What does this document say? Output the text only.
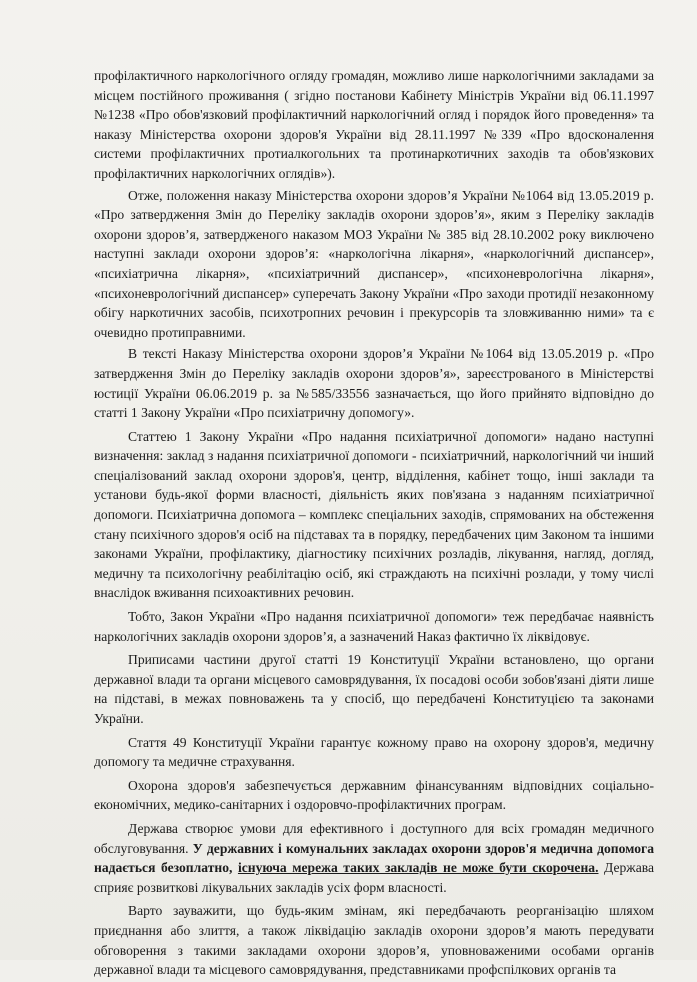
профілактичного наркологічного огляду громадян, можливо лише наркологічними закладами за місцем постійного проживання ( згідно постанови Кабінету Міністрів України від 06.11.1997 №1238 «Про обов'язковий профілактичний наркологічний огляд і порядок його проведення» та наказу Міністерства охорони здоров'я України від 28.11.1997 №339 «Про вдосконалення системи профілактичних протиалкогольних та протинаркотичних заходів та обов'язкових профілактичних наркологічних оглядів»).

Отже, положення наказу Міністерства охорони здоров’я України №1064 від 13.05.2019 р. «Про затвердження Змін до Переліку закладів охорони здоров’я», яким з Переліку закладів охорони здоров’я, затвердженого наказом МОЗ України № 385 від 28.10.2002 року виключено наступні заклади охорони здоров’я: «наркологічна лікарня», «наркологічний диспансер», «психіатрична лікарня», «психіатричний диспансер», «психоневрологічна лікарня», «психоневрологічний диспансер» суперечать Закону України «Про заходи протидії незаконному обігу наркотичних засобів, психотропних речовин і прекурсорів та зловживанню ними» та є очевидно протиправними.

В тексті Наказу Міністерства охорони здоров’я України №1064 від 13.05.2019 р. «Про затвердження Змін до Переліку закладів охорони здоров’я», зареєстрованого в Міністерстві юстиції України 06.06.2019 р. за №585/33556 зазначається, що його прийнято відповідно до статті 1 Закону України «Про психіатричну допомогу».

Статтею 1 Закону України «Про надання психіатричної допомоги» надано наступні визначення: заклад з надання психіатричної допомоги - психіатричний, наркологічний чи інший спеціалізований заклад охорони здоров'я, центр, відділення, кабінет тощо, інші заклади та установи будь-якої форми власності, діяльність яких пов'язана з наданням психіатричної допомоги. Психіатрична допомога – комплекс спеціальних заходів, спрямованих на обстеження стану психічного здоров'я осіб на підставах та в порядку, передбачених цим Законом та іншими законами України, профілактику, діагностику психічних розладів, лікування, нагляд, догляд, медичну та психологічну реабілітацію осіб, які страждають на психічні розлади, у тому числі внаслідок вживання психоактивних речовин.

Тобто, Закон України «Про надання психіатричної допомоги» теж передбачає наявність наркологічних закладів охорони здоров’я, а зазначений Наказ фактично їх ліквідовує.

Приписами частини другої статті 19 Конституції України встановлено, що органи державної влади та органи місцевого самоврядування, їх посадові особи зобов'язані діяти лише на підставі, в межах повноважень та у спосіб, що передбачені Конституцією та законами України.

Стаття 49 Конституції України гарантує кожному право на охорону здоров'я, медичну допомогу та медичне страхування.

Охорона здоров'я забезпечується державним фінансуванням відповідних соціально-економічних, медико-санітарних і оздоровчо-профілактичних програм.

Держава створює умови для ефективного і доступного для всіх громадян медичного обслуговування. У державних і комунальних закладах охорони здоров'я медична допомога надається безоплатно, існуюча мережа таких закладів не може бути скорочена. Держава сприяє розвиткові лікувальних закладів усіх форм власності.

Варто зауважити, що будь-яким змінам, які передбачають реорганізацію шляхом приєднання або злиття, а також ліквідацію закладів охорони здоров’я мають передувати обговорення з такими закладами охорони здоров’я, уповноваженими особами органів державної влади та місцевого самоврядування, представниками профспілкових органів та
